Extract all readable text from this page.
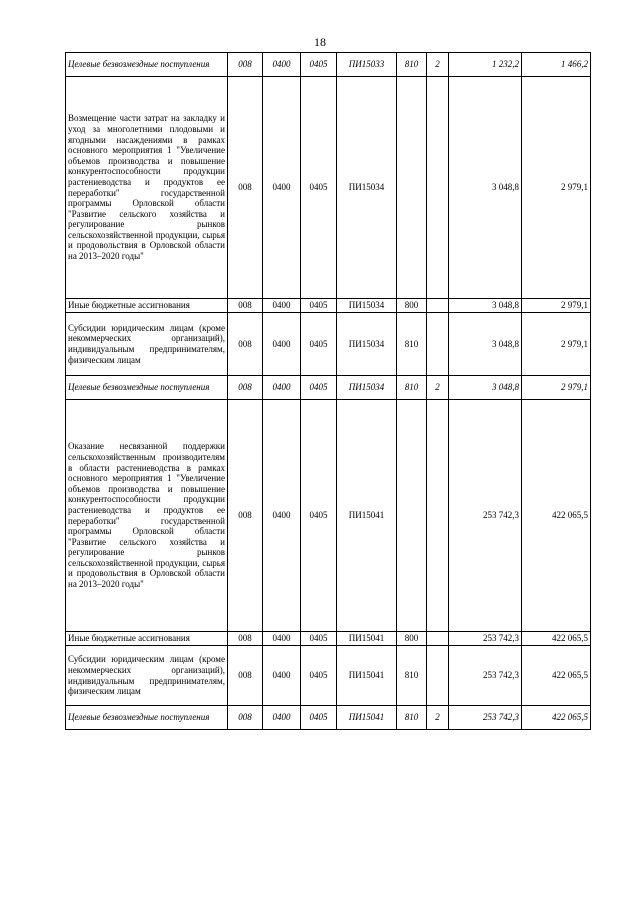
18
Целевые безвозмездные поступления	008	0400	0405	ПИ15033	810	2	1 232,2	1 466,2
Возмещение части затрат на закладку и уход за многолетними плодовыми и ягодными насаждениями в рамках основного мероприятия 1 "Увеличение объемов производства и повышение конкурентоспособности продукции растениеводства и продуктов ее переработки" государственной программы Орловской области "Развитие сельского хозяйства и регулирование рынков сельскохозяйственной продукции, сырья и продовольствия в Орловской области на 2013–2020 годы"	008	0400	0405	ПИ15034			3 048,8	2 979,1
Иные бюджетные ассигнования	008	0400	0405	ПИ15034	800		3 048,8	2 979,1
Субсидии юридическим лицам (кроме некоммерческих организаций), индивидуальным предпринимателям, физическим лицам	008	0400	0405	ПИ15034	810		3 048,8	2 979,1
Целевые безвозмездные поступления	008	0400	0405	ПИ15034	810	2	3 048,8	2 979,1
Оказание несвязанной поддержки сельскохозяйственным производителям в области растениеводства в рамках основного мероприятия 1 "Увеличение объемов производства и повышение конкурентоспособности продукции растениеводства и продуктов ее переработки" государственной программы Орловской области "Развитие сельского хозяйства и регулирование рынков сельскохозяйственной продукции, сырья и продовольствия в Орловской области на 2013–2020 годы"	008	0400	0405	ПИ15041			253 742,3	422 065,5
Иные бюджетные ассигнования	008	0400	0405	ПИ15041	800		253 742,3	422 065,5
Субсидии юридическим лицам (кроме некоммерческих организаций), индивидуальным предпринимателям, физическим лицам	008	0400	0405	ПИ15041	810		253 742,3	422 065,5
Целевые безвозмездные поступления	008	0400	0405	ПИ15041	810	2	253 742,3	422 065,5
